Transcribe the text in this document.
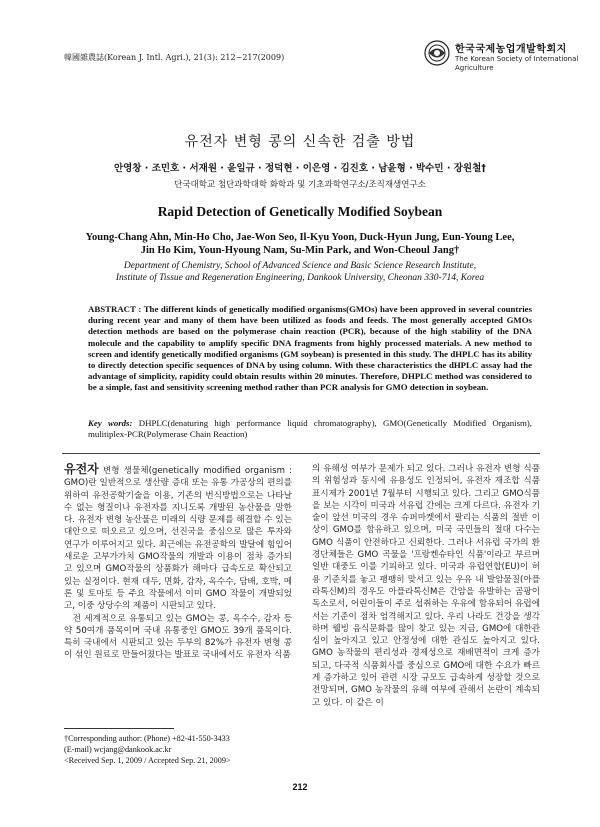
韓國雜農誌(Korean J. Intl. Agri.), 21(3): 212~217(2009)
한국국제농업개발학회지
The Korean Society of International
Agriculture
유전자 변형 콩의 신속한 검출 방법
안영창 · 조민호 · 서재원 · 윤일규 · 정덕현 · 이은영 · 김진호 · 남윤형 · 박수민 · 장원철†
단국대학교 첨단과학대학 화학과 및 기초과학연구소/조직재생연구소
Rapid Detection of Genetically Modified Soybean
Young-Chang Ahn, Min-Ho Cho, Jae-Won Seo, Il-Kyu Yoon, Duck-Hyun Jung, Eun-Young Lee,
Jin Ho Kim, Youn-Hyoung Nam, Su-Min Park, and Won-Cheoul Jang†
Department of Chemistry, School of Advanced Science and Basic Science Research Institute,
Institute of Tissue and Regeneration Engineering, Dankook University, Cheonan 330-714, Korea
ABSTRACT : The different kinds of genetically modified organisms(GMOs) have been approved in several countries during recent year and many of them have been utilized as foods and feeds. The most generally accepted GMOs detection methods are based on the polymerase chain reaction (PCR), because of the high stability of the DNA molecule and the capability to amplify specific DNA fragments from highly processed materials. A new method to screen and identify genetically modified organisms (GM soybean) is presented in this study. The dHPLC has its ability to directly detection specific sequences of DNA by using column. With these characteristics the dHPLC assay had the advantage of simplicity, rapidity could obtain results within 20 minutes. Therefore, DHPLC method was considered to be a simple, fast and sensitivity screening method rather than PCR analysis for GMO detection in soybean.
Key words: DHPLC(denaturing high performance liquid chromatography), GMO(Genetically Modified Organism), mulitiplex-PCR(Polymerase Chain Reaction)

유전자 변형 생물체(genetically modified organism : GMO)란 일반적으로 생산량 증대 또는 유통 가공상의 편의를 위하여 유전공학기술을 이용, 기존의 번식방법으로는 나타날 수 없는 형질이나 유전자를 지니도록 개발된 농산물을 말한다. 유전자 변형 농산물은 미래의 식량 문제를 해결할 수 있는 대안으로 떠오르고 있으며, 선진국을 중심으로 많은 투자와 연구가 이루어지고 있다. 최근에는 유전공학의 발달에 힘입어 새로운 고부가가치 GMO작물의 개발과 이용이 점차 증가되고 있으며 GMO작물의 상품화가 해마다 급속도로 확산되고 있는 실정이다. 현재 대두, 면화, 감자, 옥수수, 담배, 호박, 메론 및 토마토 등 주요 작물에서 이미 GMO 작물이 개발되었고, 이중 상당수의 제품이 시판되고 있다.

전 세계적으로 유통되고 있는 GMO는 콩, 옥수수, 감자 등 약 50여개 품목이며 국내 유통중인 GMO도 39개 품목이다. 특히 국내에서 시판되고 있는 두부의 82%가 유전자 변형 콩이 섞인 원료로 만들어졌다는 발표로 국내에서도 유전자 식품

의 유해성 여부가 문제가 되고 있다. 그러나 유전자 변형 식품의 위험성과 동시에 유용성도 인정되어, 유전자 재조합 식품표시제가 2001년 7월부터 시행되고 있다. 그리고 GMO식품을 보는 시각이 미국과 서유럽 간에는 크게 다르다. 유전자 기술이 앞선 미국의 경우 슈퍼마켓에서 팔리는 식품의 절반 이상이 GMO를 함유하고 있으며, 미국 국민들의 절대 다수는 GMO 식품이 안전하다고 신뢰한다. 그러나 서유럽 국가의 환경단체들은 GMO 곡물을 '프랑켄슈타인 식품'이라고 부르며 일반 대중도 이를 기피하고 있다. 미국과 유럽연합(EU)이 허용 기준치를 놓고 팽팽히 맞서고 있는 우유 내 발암물질(아플라톡신M)의 경우도 아플라톡신M은 간암을 유발하는 곰팡이 독소로서, 어린이들이 주로 섭취하는 우유에 함유되어 유럽에서는 기준이 점차 엄격해지고 있다. 우리 나라도 건강을 생각하며 웰빙 음식문화를 많이 찾고 있는 지금, GMO에 대한관심이 높아지고 있고 안정성에 대한 관심도 높아지고 있다. GMO 농작물의 편리성과 경제성으로 재배면적이 크게 증가되고, 다국적 식품회사를 중심으로 GMO에 대한 수요가 빠르게 증가하고 있어 관련 시장 규모도 급속하게 성장할 것으로 전망되며, GMO 농작물의 유해 여부에 관해서 논란이 계속되고 있다. 이 같은 이

†Corresponding author: (Phone) +82-41-550-3433
(E-mail) wcjang@dankook.ac.kr
<Received Sep. 1, 2009 / Accepted Sep. 21, 2009>
212
